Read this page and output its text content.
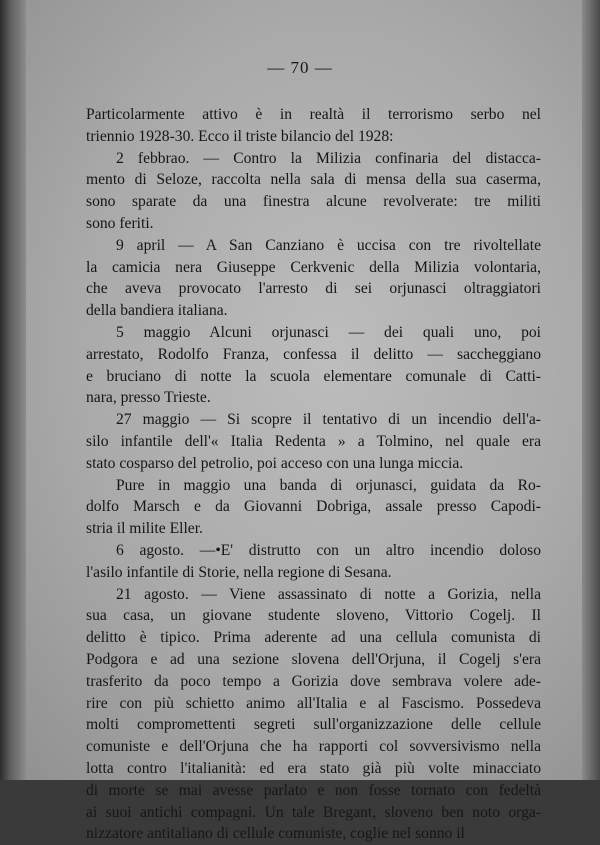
— 70 —
Particolarmente attivo è in realtà il terrorismo serbo nel
triennio 1928-30. Ecco il triste bilancio del 1928:
2 febbrao. — Contro la Milizia confinaria del distacca-
mento di Seloze, raccolta nella sala di mensa della sua caserma,
sono sparate da una finestra alcune revolverate: tre militi
sono feriti.
9 april — A San Canziano è uccisa con tre rivoltellate
la camicia nera Giuseppe Cerkvenic della Milizia volontaria,
che aveva provocato l'arresto di sei orjunasci oltraggiatori
della bandiera italiana.
5 maggio Alcuni orjunasci — dei quali uno, poi
arrestato, Rodolfo Franza, confessa il delitto — saccheggiano
e bruciano di notte la scuola elementare comunale di Catti-
nara, presso Trieste.
27 maggio — Si scopre il tentativo di un incendio dell'a-
silo infantile dell'« Italia Redenta » a Tolmino, nel quale era
stato cosparso del petrolio, poi acceso con una lunga miccia.
Pure in maggio una banda di orjunasci, guidata da Ro-
dolfo Marsch e da Giovanni Dobriga, assale presso Capodi-
stria il milite Eller.
6 agosto. —•E' distrutto con un altro incendio doloso
l'asilo infantile di Storie, nella regione di Sesana.
21 agosto. — Viene assassinato di notte a Gorizia, nella
sua casa, un giovane studente sloveno, Vittorio Cogelj. Il
delitto è tipico. Prima aderente ad una cellula comunista di
Podgora e ad una sezione slovena dell'Orjuna, il Cogelj s'era
trasferito da poco tempo a Gorizia dove sembrava volere ade-
rire con più schietto animo all'Italia e al Fascismo. Possedeva
molti compromettenti segreti sull'organizzazione delle cellule
comuniste e dell'Orjuna che ha rapporti col sovversivismo nella
lotta contro l'italianità: ed era stato già più volte minacciato
di morte se mai avesse parlato e non fosse tornato con fedeltà
ai suoi antichi compagni. Un tale Bregant, sloveno ben noto orga-
nizzatore antitaliano di cellule comuniste, coglie nel sonno il
